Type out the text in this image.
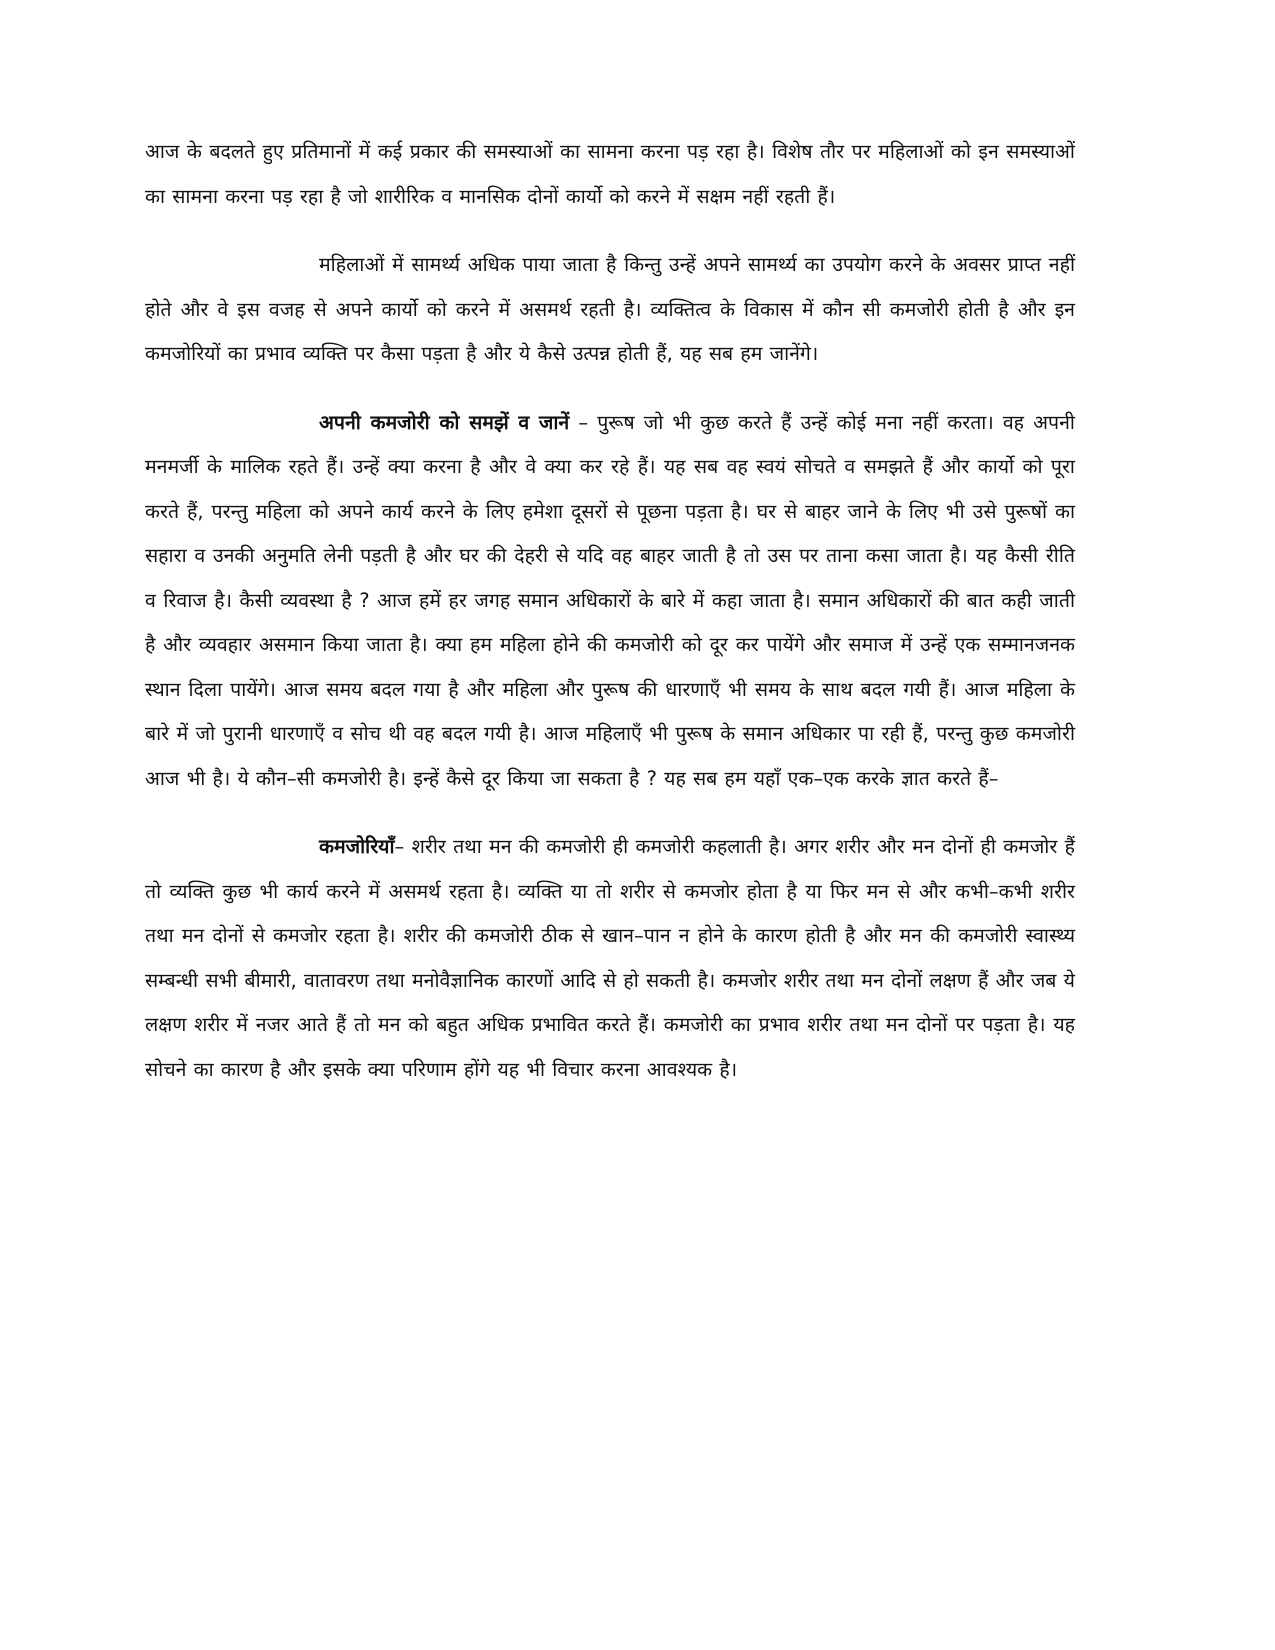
आज के बदलते हुए प्रतिमानों में कई प्रकार की समस्याओं का सामना करना पड़ रहा है। विशेष तौर पर महिलाओं को इन समस्याओं का सामना करना पड़ रहा है जो शारीरिक व मानसिक दोनों कार्यो को करने में सक्षम नहीं रहती हैं।

महिलाओं में सामर्थ्य अधिक पाया जाता है किन्तु उन्हें अपने सामर्थ्य का उपयोग करने के अवसर प्राप्त नहीं होते और वे इस वजह से अपने कार्यो को करने में असमर्थ रहती है। व्यक्तित्व के विकास में कौन सी कमजोरी होती है और इन कमजोरियों का प्रभाव व्यक्ति पर कैसा पड़ता है और ये कैसे उत्पन्न होती हैं, यह सब हम जानेंगे।

अपनी कमजोरी को समझें व जानें – पुरूष जो भी कुछ करते हैं उन्हें कोई मना नहीं करता। वह अपनी मनमर्जी के मालिक रहते हैं। उन्हें क्या करना है और वे क्या कर रहे हैं। यह सब वह स्वयं सोचते व समझते हैं और कार्यो को पूरा करते हैं, परन्तु महिला को अपने कार्य करने के लिए हमेशा दूसरों से पूछना पड़ता है। घर से बाहर जाने के लिए भी उसे पुरूषों का सहारा व उनकी अनुमति लेनी पड़ती है और घर की देहरी से यदि वह बाहर जाती है तो उस पर ताना कसा जाता है। यह कैसी रीति व रिवाज है। कैसी व्यवस्था है ? आज हमें हर जगह समान अधिकारों के बारे में कहा जाता है। समान अधिकारों की बात कही जाती है और व्यवहार असमान किया जाता है। क्या हम महिला होने की कमजोरी को दूर कर पायेंगे और समाज में उन्हें एक सम्मानजनक स्थान दिला पायेंगे। आज समय बदल गया है और महिला और पुरूष की धारणाएँ भी समय के साथ बदल गयी हैं। आज महिला के बारे में जो पुरानी धारणाएँ व सोच थी वह बदल गयी है। आज महिलाएँ भी पुरूष के समान अधिकार पा रही हैं, परन्तु कुछ कमजोरी आज भी है। ये कौन–सी कमजोरी है। इन्हें कैसे दूर किया जा सकता है ? यह सब हम यहाँ एक–एक करके ज्ञात करते हैं–

कमजोरियाँ– शरीर तथा मन की कमजोरी ही कमजोरी कहलाती है। अगर शरीर और मन दोनों ही कमजोर हैं तो व्यक्ति कुछ भी कार्य करने में असमर्थ रहता है। व्यक्ति या तो शरीर से कमजोर होता है या फिर मन से और कभी–कभी शरीर तथा मन दोनों से कमजोर रहता है। शरीर की कमजोरी ठीक से खान–पान न होने के कारण होती है और मन की कमजोरी स्वास्थ्य सम्बन्धी सभी बीमारी, वातावरण तथा मनोवैज्ञानिक कारणों आदि से हो सकती है। कमजोर शरीर तथा मन दोनों लक्षण हैं और जब ये लक्षण शरीर में नजर आते हैं तो मन को बहुत अधिक प्रभावित करते हैं। कमजोरी का प्रभाव शरीर तथा मन दोनों पर पड़ता है। यह सोचने का कारण है और इसके क्या परिणाम होंगे यह भी विचार करना आवश्यक है।
